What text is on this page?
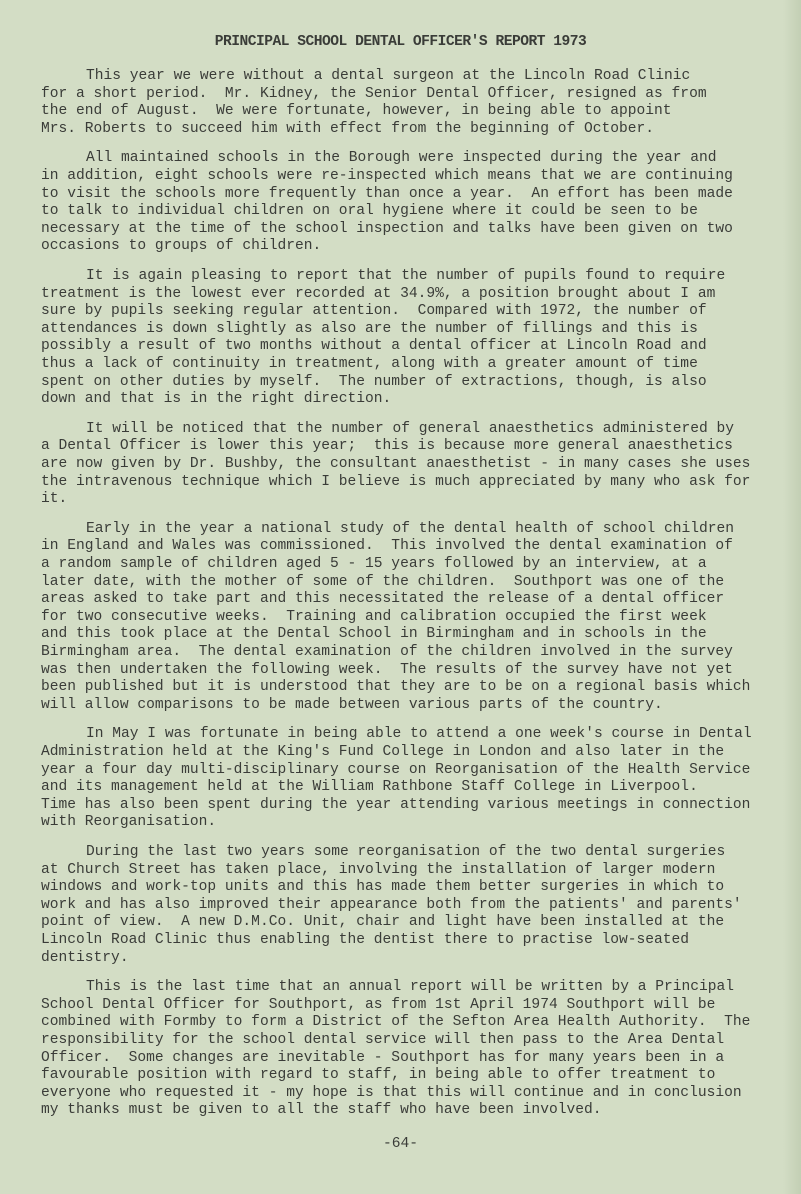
PRINCIPAL SCHOOL DENTAL OFFICER'S REPORT 1973
This year we were without a dental surgeon at the Lincoln Road Clinic
for a short period.  Mr. Kidney, the Senior Dental Officer, resigned as from
the end of August.  We were fortunate, however, in being able to appoint
Mrs. Roberts to succeed him with effect from the beginning of October.
All maintained schools in the Borough were inspected during the year and
in addition, eight schools were re-inspected which means that we are continuing
to visit the schools more frequently than once a year.  An effort has been made
to talk to individual children on oral hygiene where it could be seen to be
necessary at the time of the school inspection and talks have been given on two
occasions to groups of children.
It is again pleasing to report that the number of pupils found to require
treatment is the lowest ever recorded at 34.9%, a position brought about I am
sure by pupils seeking regular attention.  Compared with 1972, the number of
attendances is down slightly as also are the number of fillings and this is
possibly a result of two months without a dental officer at Lincoln Road and
thus a lack of continuity in treatment, along with a greater amount of time
spent on other duties by myself.  The number of extractions, though, is also
down and that is in the right direction.
It will be noticed that the number of general anaesthetics administered by
a Dental Officer is lower this year;  this is because more general anaesthetics
are now given by Dr. Bushby, the consultant anaesthetist - in many cases she uses
the intravenous technique which I believe is much appreciated by many who ask for
it.
Early in the year a national study of the dental health of school children
in England and Wales was commissioned.  This involved the dental examination of
a random sample of children aged 5 - 15 years followed by an interview, at a
later date, with the mother of some of the children.  Southport was one of the
areas asked to take part and this necessitated the release of a dental officer
for two consecutive weeks.  Training and calibration occupied the first week
and this took place at the Dental School in Birmingham and in schools in the
Birmingham area.  The dental examination of the children involved in the survey
was then undertaken the following week.  The results of the survey have not yet
been published but it is understood that they are to be on a regional basis which
will allow comparisons to be made between various parts of the country.
In May I was fortunate in being able to attend a one week's course in Dental
Administration held at the King's Fund College in London and also later in the
year a four day multi-disciplinary course on Reorganisation of the Health Service
and its management held at the William Rathbone Staff College in Liverpool.
Time has also been spent during the year attending various meetings in connection
with Reorganisation.
During the last two years some reorganisation of the two dental surgeries
at Church Street has taken place, involving the installation of larger modern
windows and work-top units and this has made them better surgeries in which to
work and has also improved their appearance both from the patients' and parents'
point of view.  A new D.M.Co. Unit, chair and light have been installed at the
Lincoln Road Clinic thus enabling the dentist there to practise low-seated
dentistry.
This is the last time that an annual report will be written by a Principal
School Dental Officer for Southport, as from 1st April 1974 Southport will be
combined with Formby to form a District of the Sefton Area Health Authority.  The
responsibility for the school dental service will then pass to the Area Dental
Officer.  Some changes are inevitable - Southport has for many years been in a
favourable position with regard to staff, in being able to offer treatment to
everyone who requested it - my hope is that this will continue and in conclusion
my thanks must be given to all the staff who have been involved.
-64-
